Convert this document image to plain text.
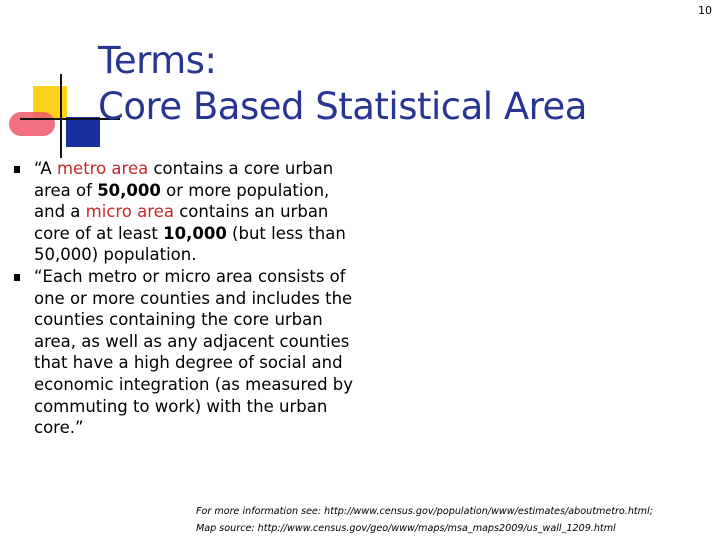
10
Terms:
Core Based Statistical Area
“A metro area contains a core urban area of 50,000 or more population, and a micro area contains an urban core of at least 10,000 (but less than 50,000) population.
“Each metro or micro area consists of one or more counties and includes the counties containing the core urban area, as well as any adjacent counties that have a high degree of social and economic integration (as measured by commuting to work) with the urban core.”
For more information see: http://www.census.gov/population/www/estimates/aboutmetro.html;
Map source: http://www.census.gov/geo/www/maps/msa_maps2009/us_wall_1209.html
